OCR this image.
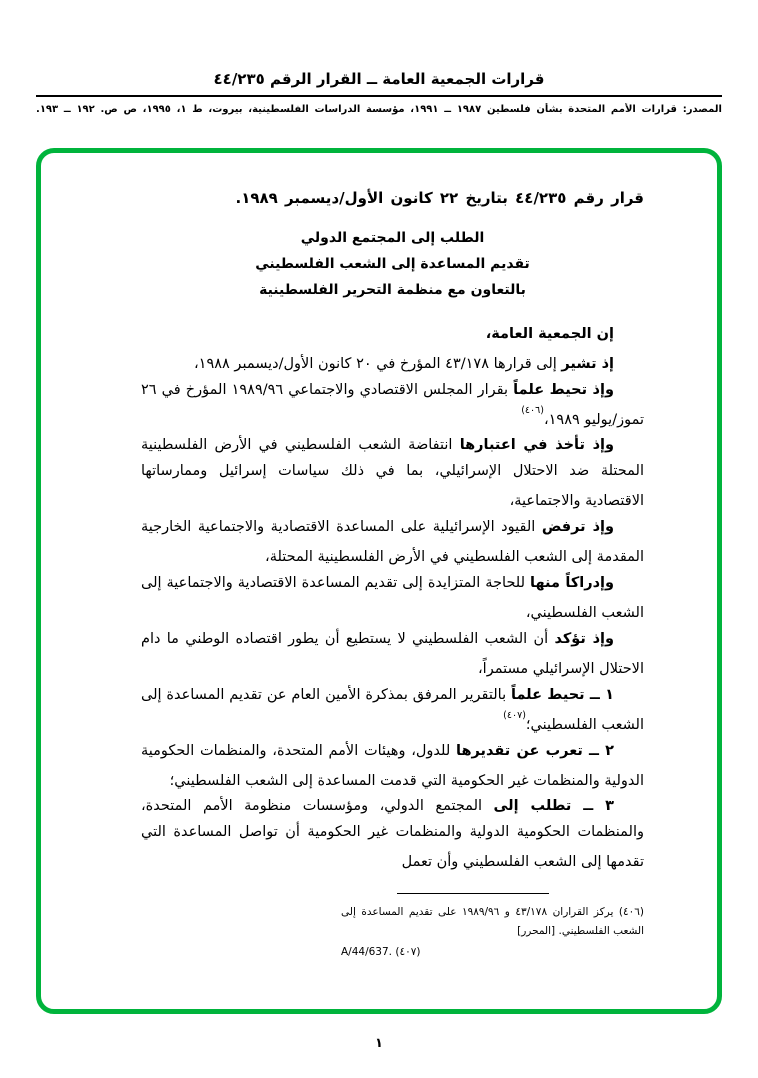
قرارات الجمعية العامة ــ القرار الرقم ٤٤/٢٣٥

المصدر: قرارات الأمم المتحدة بشأن فلسطين ١٩٨٧ ــ ١٩٩١، مؤسسة الدراسات الفلسطينية، بيروت، ط ١، ١٩٩٥، ص ص. ١٩٢ ــ ١٩٣.

قرار رقم ٤٤/٢٣٥ بتاريخ ٢٢ كانون الأول/ديسمبر ١٩٨٩.
الطلب إلى المجتمع الدولي
تقديم المساعدة إلى الشعب الفلسطيني
بالتعاون مع منظمة التحرير الفلسطينية

إن الجمعية العامة،

إذ تشير إلى قرارها ٤٣/١٧٨ المؤرخ في ٢٠ كانون الأول/ديسمبر ١٩٨٨،

وإذ تحيط علماً بقرار المجلس الاقتصادي والاجتماعي ١٩٨٩/٩٦ المؤرخ في ٢٦ تموز/يوليو ١٩٨٩،$^{(٤٠٦)}$

وإذ تأخذ في اعتبارها انتفاضة الشعب الفلسطيني في الأرض الفلسطينية المحتلة ضد الاحتلال الإسرائيلي، بما في ذلك سياسات إسرائيل وممارساتها الاقتصادية والاجتماعية،

وإذ ترفض القيود الإسرائيلية على المساعدة الاقتصادية والاجتماعية الخارجية المقدمة إلى الشعب الفلسطيني في الأرض الفلسطينية المحتلة،

وإدراكاً منها للحاجة المتزايدة إلى تقديم المساعدة الاقتصادية والاجتماعية إلى الشعب الفلسطيني،

وإذ تؤكد أن الشعب الفلسطيني لا يستطيع أن يطور اقتصاده الوطني ما دام الاحتلال الإسرائيلي مستمراً،

١ ــ تحيط علماً بالتقرير المرفق بمذكرة الأمين العام عن تقديم المساعدة إلى الشعب الفلسطيني؛$^{(٤٠٧)}$

٢ ــ تعرب عن تقديرها للدول، وهيئات الأمم المتحدة، والمنظمات الحكومية الدولية والمنظمات غير الحكومية التي قدمت المساعدة إلى الشعب الفلسطيني؛

٣ ــ تطلب إلى المجتمع الدولي، ومؤسسات منظومة الأمم المتحدة، والمنظمات الحكومية الدولية والمنظمات غير الحكومية أن تواصل المساعدة التي تقدمها إلى الشعب الفلسطيني وأن تعمل

(٤٠٦) يركز القراران ٤٣/١٧٨ و ١٩٨٩/٩٦ على تقديم المساعدة إلى الشعب الفلسطيني. [المحرر]

(٤٠٧) A/44/637.‎

١
